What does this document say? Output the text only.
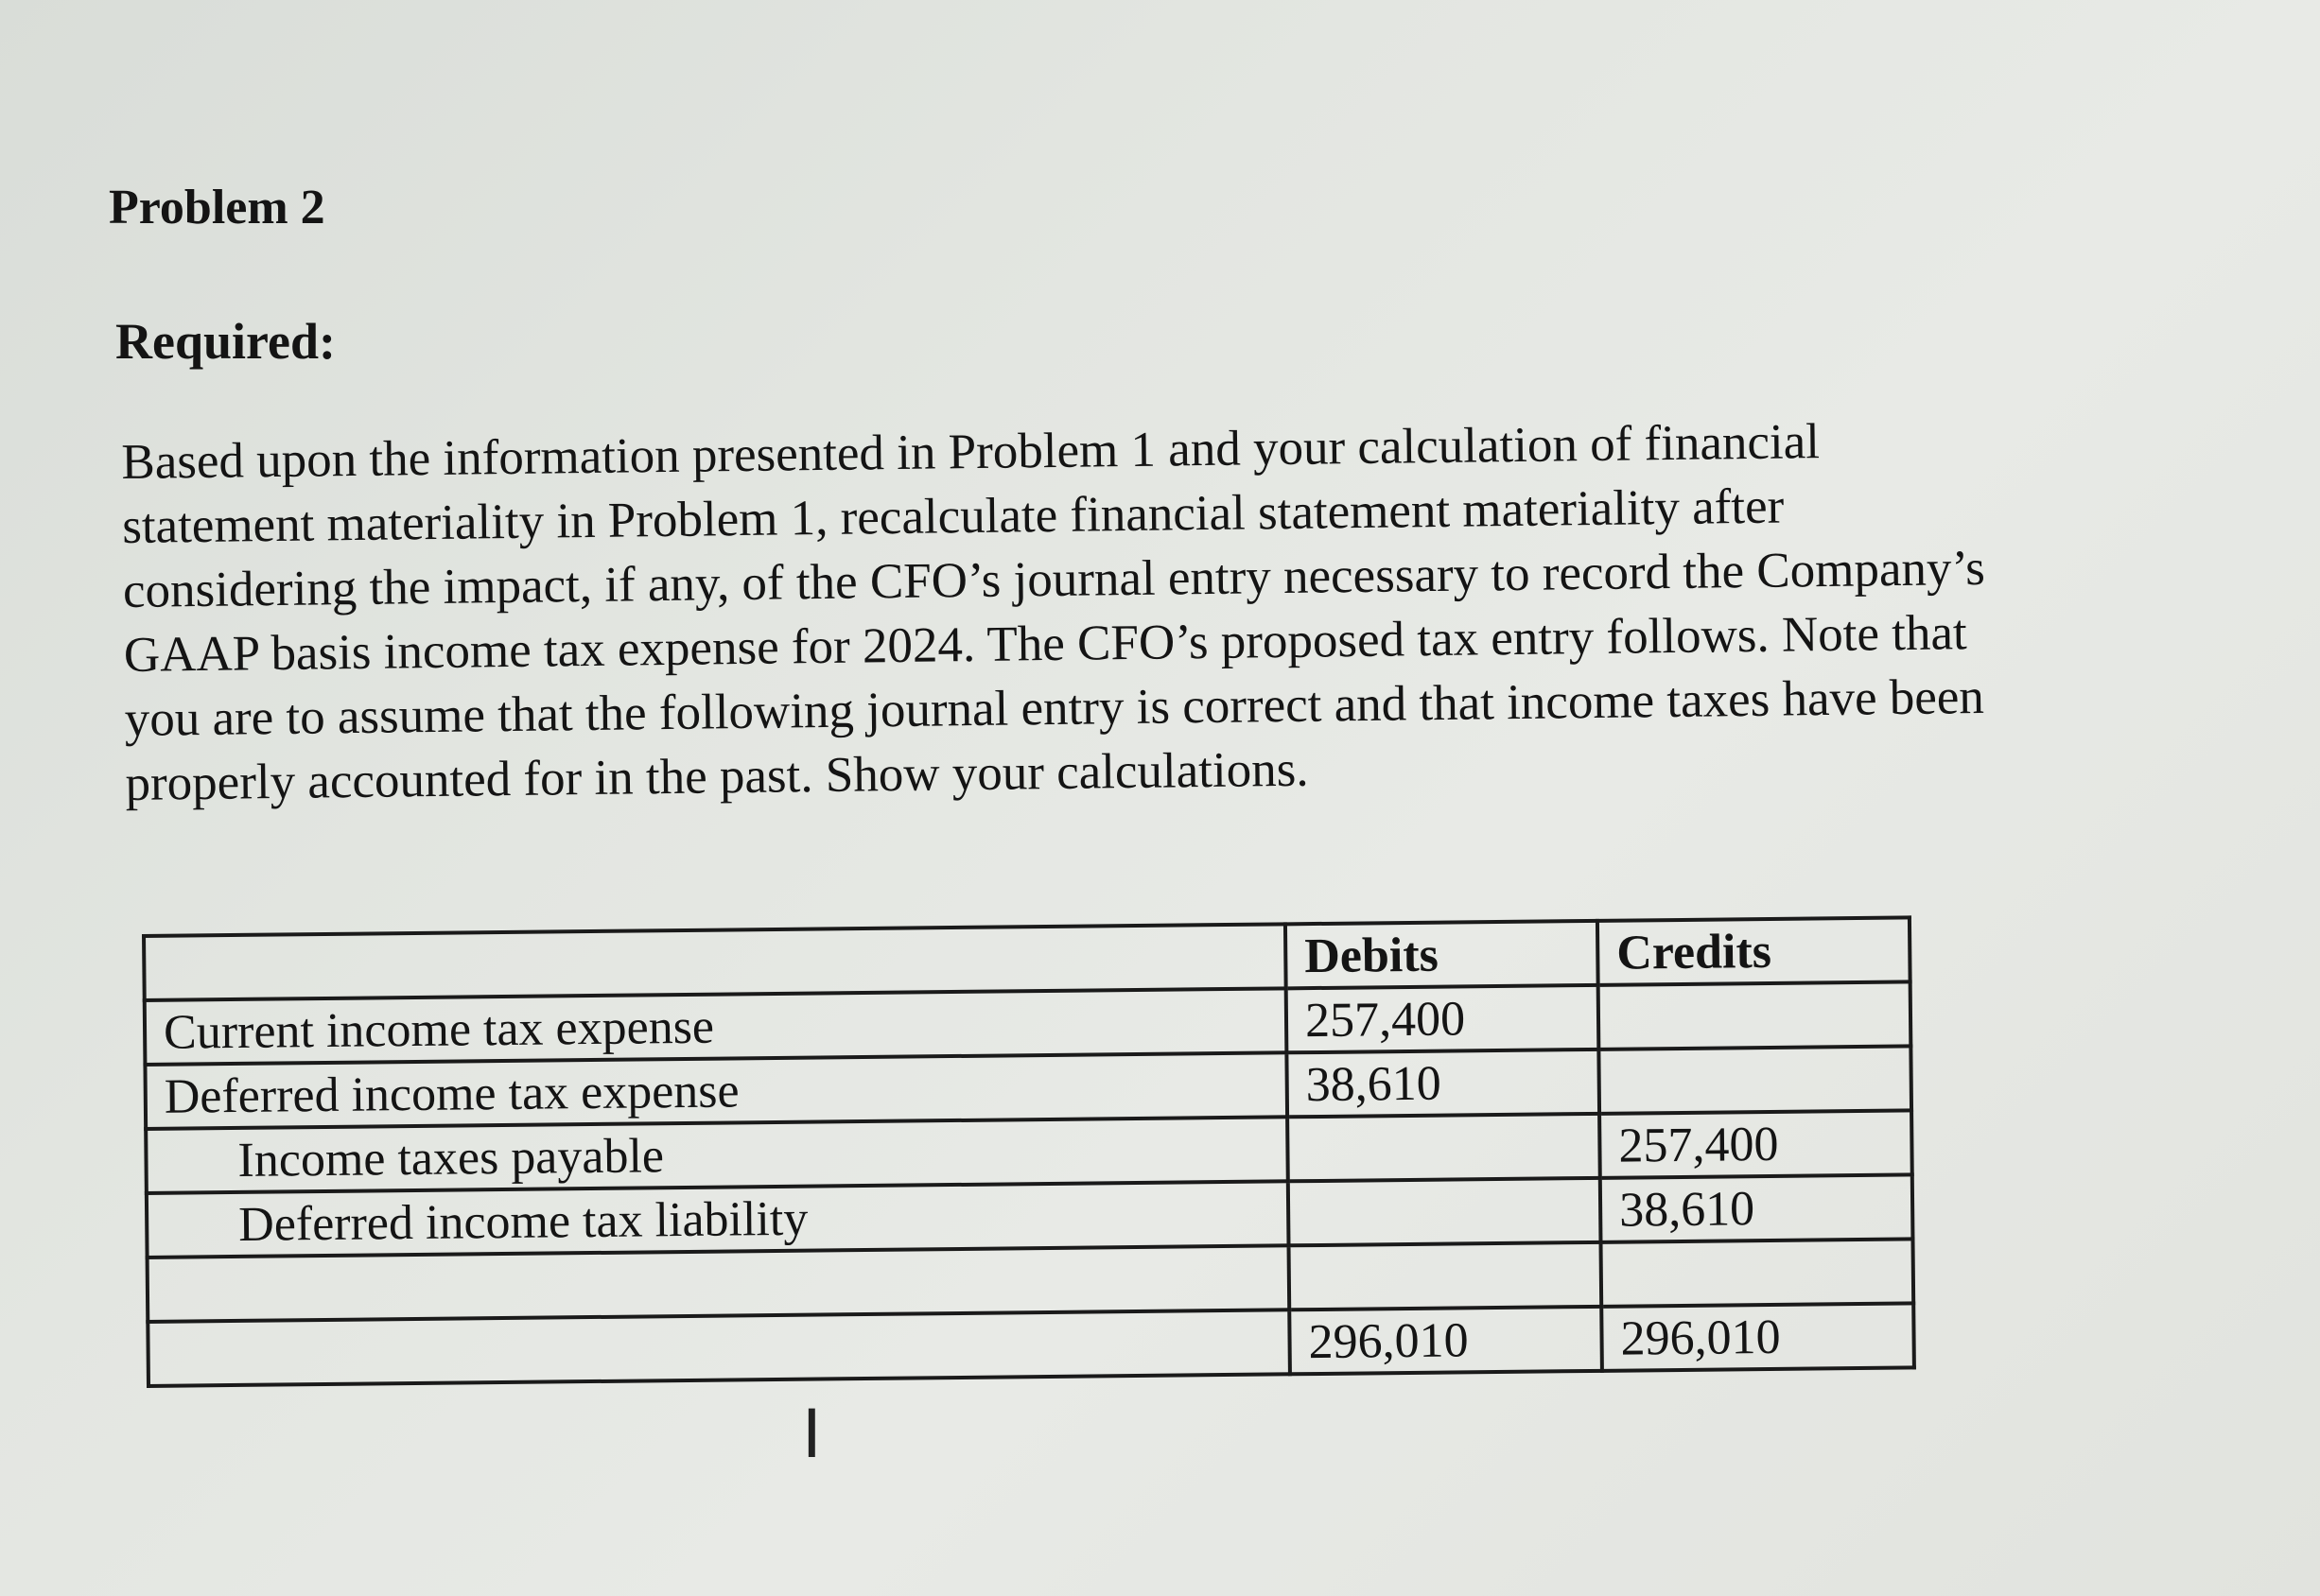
Problem 2
Required:

Based upon the information presented in Problem 1 and your calculation of financial
statement materiality in Problem 1, recalculate financial statement materiality after
considering the impact, if any, of the CFO’s journal entry necessary to record the Company’s
GAAP basis income tax expense for 2024. The CFO’s proposed tax entry follows. Note that
you are to assume that the following journal entry is correct and that income taxes have been
properly accounted for in the past. Show your calculations.

	Debits	Credits
Current income tax expense	257,400	
Deferred income tax expense	38,610	
Income taxes payable		257,400
Deferred income tax liability		38,610

	296,010	296,010
I
